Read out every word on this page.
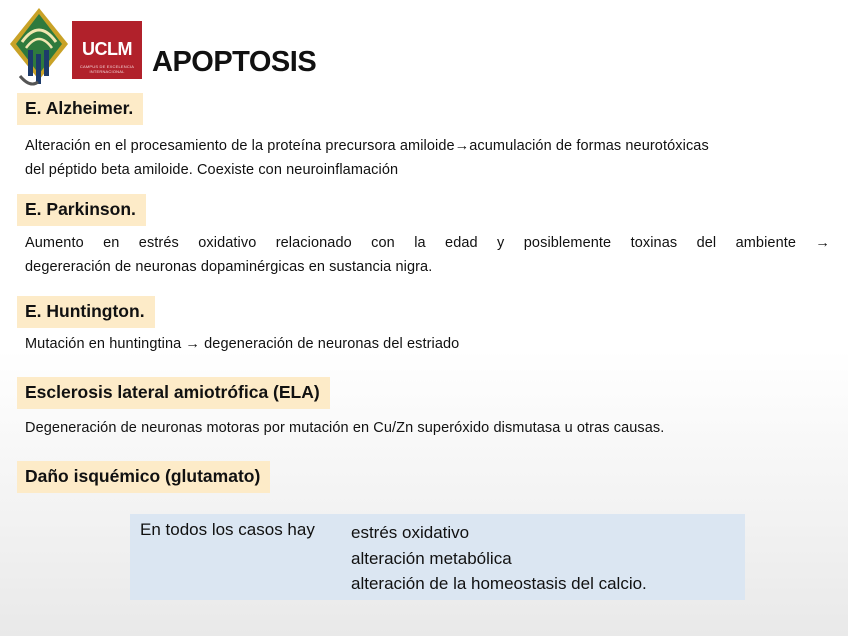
UCLM
CAMPUS DE EXCELENCIA INTERNACIONAL APOPTOSIS
E. Alzheimer.
Alteración en el procesamiento de la proteína precursora amiloide→acumulación de formas neurotóxicas
del péptido beta amiloide. Coexiste con neuroinflamación
E. Parkinson.
Aumento en estrés oxidativo relacionado con la edad y posiblemente toxinas del ambiente →
degereración de neuronas dopaminérgicas en sustancia nigra.
E. Huntington.
Mutación en huntingtina → degeneración de neuronas del estriado
Esclerosis lateral amiotrófica (ELA)
Degeneración de neuronas motoras por mutación en Cu/Zn superóxido dismutasa u otras causas.
Daño isquémico (glutamato)
En todos los casos hay estrés oxidativo
alteración metabólica
alteración de la homeostasis del calcio.
